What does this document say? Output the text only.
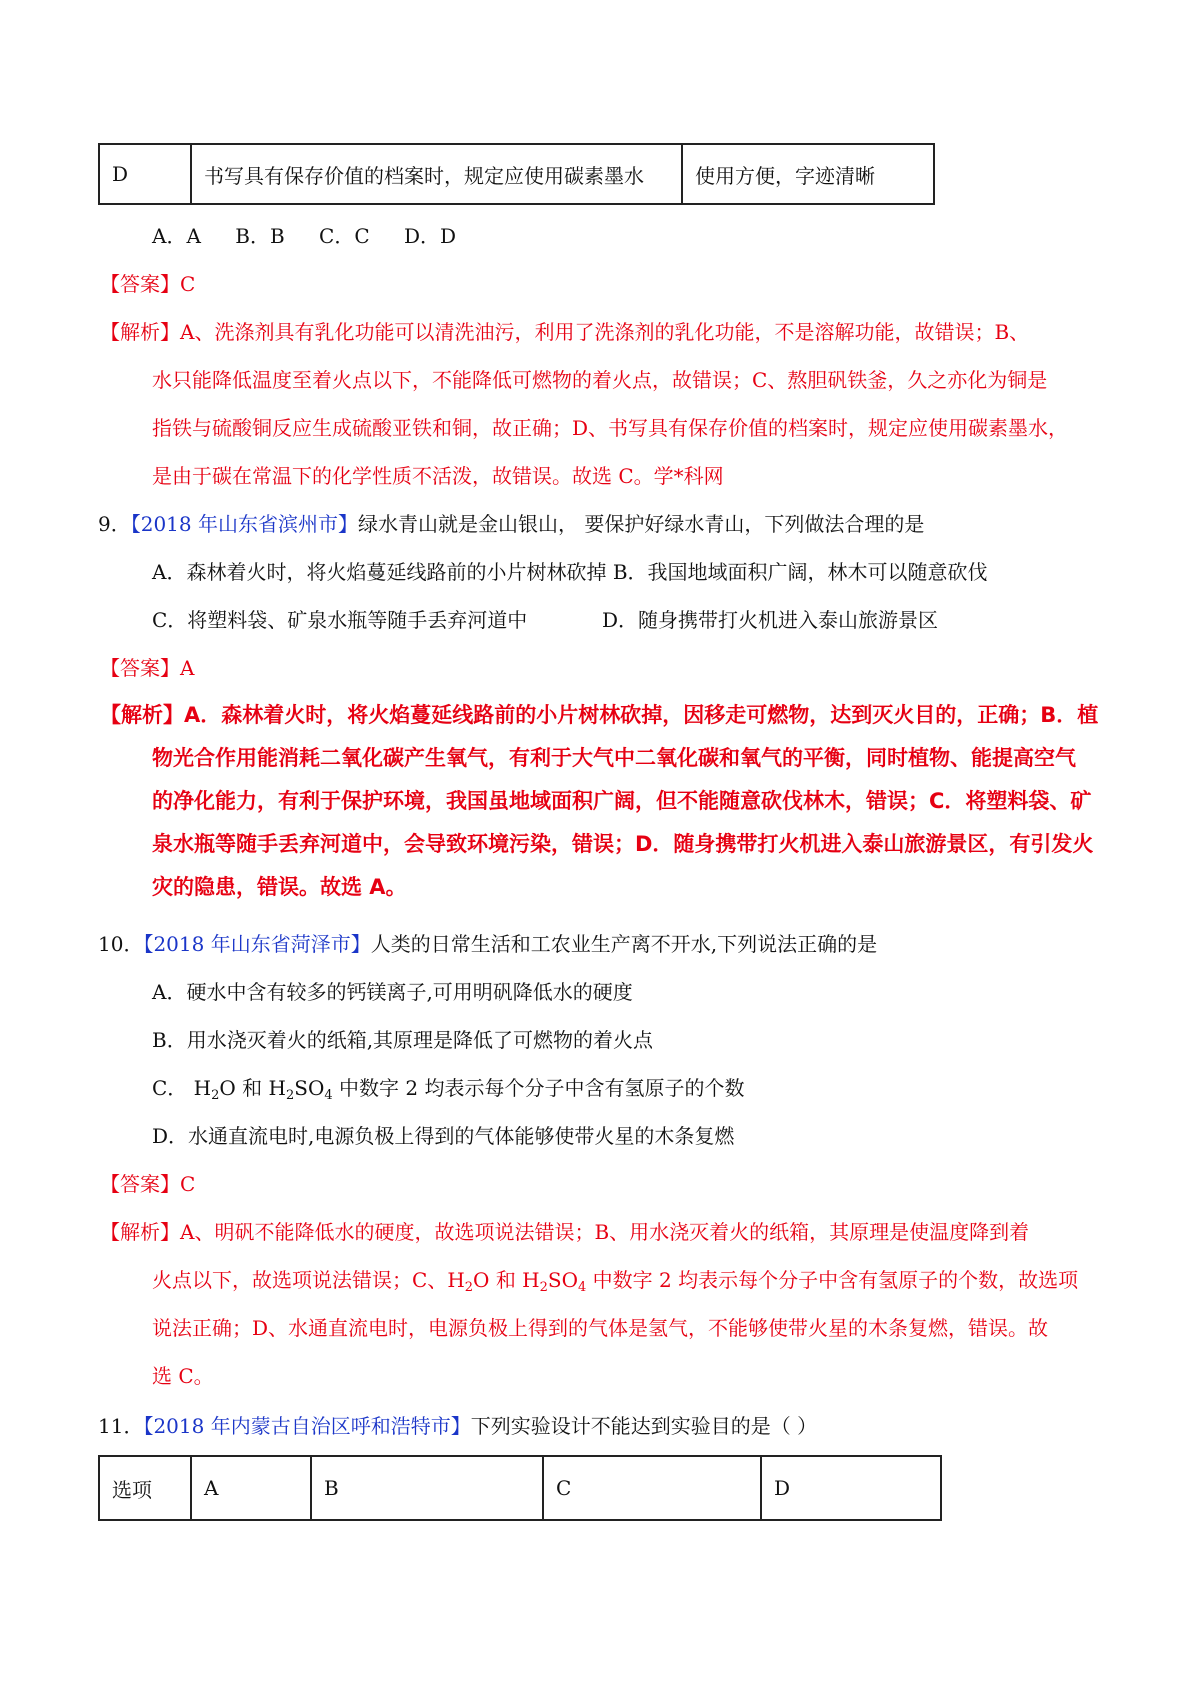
D	书写具有保存价值的档案时，规定应使用碳素墨水	使用方便，字迹清晰
A．A B．B C．C D．D
【答案】C
【解析】A、洗涤剂具有乳化功能可以清洗油污，利用了洗涤剂的乳化功能，不是溶解功能，故错误；B、
水只能降低温度至着火点以下，不能降低可燃物的着火点，故错误；C、熬胆矾铁釜，久之亦化为铜是
指铁与硫酸铜反应生成硫酸亚铁和铜，故正确；D、书写具有保存价值的档案时，规定应使用碳素墨水，
是由于碳在常温下的化学性质不活泼，故错误。故选 C。学*科网
9．【2018 年山东省滨州市】绿水青山就是金山银山， 要保护好绿水青山，下列做法合理的是
A．森林着火时，将火焰蔓延线路前的小片树林砍掉 B．我国地域面积广阔，林木可以随意砍伐
C．将塑料袋、矿泉水瓶等随手丢弃河道中	D．随身携带打火机进入泰山旅游景区
【答案】A
【解析】A．森林着火时，将火焰蔓延线路前的小片树林砍掉，因移走可燃物，达到灭火目的，正确；B．植
物光合作用能消耗二氧化碳产生氧气，有利于大气中二氧化碳和氧气的平衡，同时植物、能提高空气
的净化能力，有利于保护环境，我国虽地域面积广阔，但不能随意砍伐林木，错误；C．将塑料袋、矿
泉水瓶等随手丢弃河道中，会导致环境污染，错误；D．随身携带打火机进入泰山旅游景区，有引发火
灾的隐患，错误。故选 A。
10．【2018 年山东省菏泽市】人类的日常生活和工农业生产离不开水,下列说法正确的是
A．硬水中含有较多的钙镁离子,可用明矾降低水的硬度
B．用水浇灭着火的纸箱,其原理是降低了可燃物的着火点
C． $H_2O$ 和 $H_2SO_4$ 中数字 2 均表示每个分子中含有氢原子的个数
D．水通直流电时,电源负极上得到的气体能够使带火星的木条复燃
【答案】C
【解析】A、明矾不能降低水的硬度，故选项说法错误；B、用水浇灭着火的纸箱，其原理是使温度降到着
火点以下，故选项说法错误；C、$H_2O$ 和 $H_2SO_4$ 中数字 2 均表示每个分子中含有氢原子的个数，故选项
说法正确；D、水通直流电时，电源负极上得到的气体是氢气，不能够使带火星的木条复燃，错误。故
选 C。
11．【2018 年内蒙古自治区呼和浩特市】下列实验设计不能达到实验目的是（ ）
选项	A	B	C	D
